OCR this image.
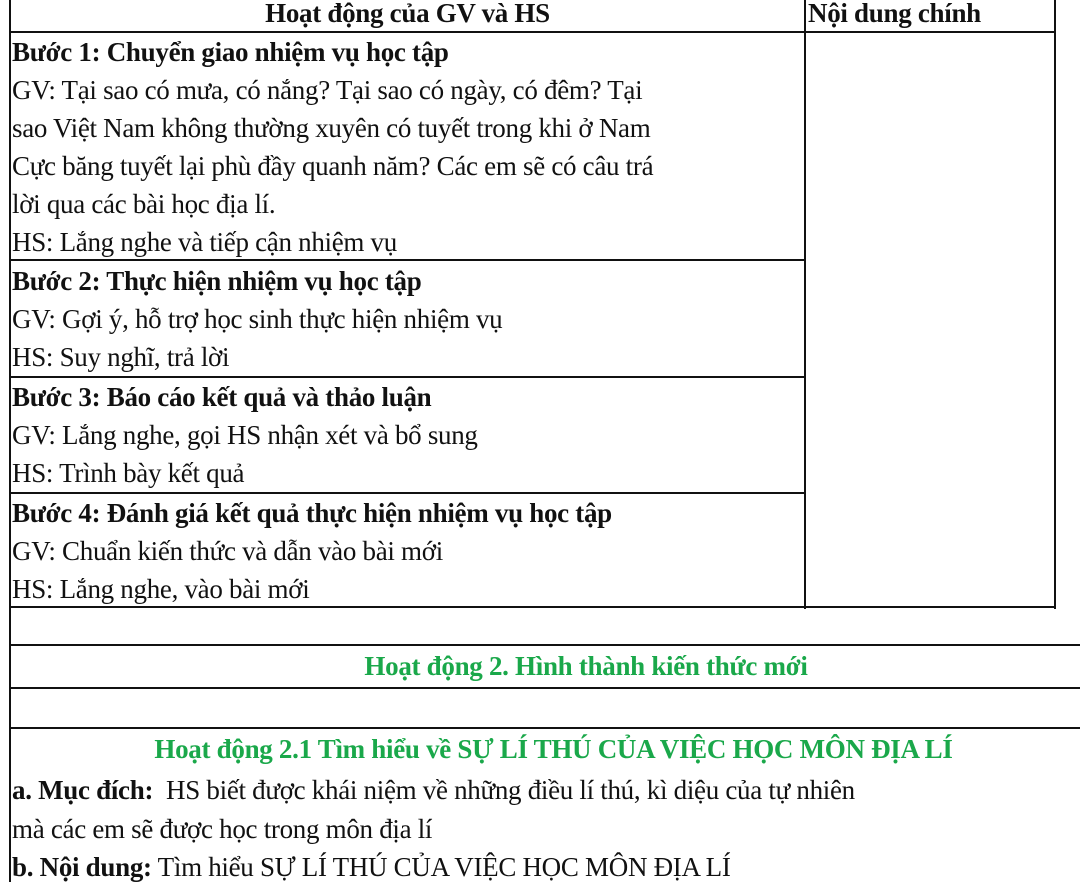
Hoạt động của GV và HS	Nội dung chính
Bước 1: Chuyển giao nhiệm vụ học tập
GV: Tại sao có mưa, có nắng? Tại sao có ngày, có đêm? Tại
sao Việt Nam không thường xuyên có tuyết trong khi ở Nam
Cực băng tuyết lại phù đầy quanh năm? Các em sẽ có câu trá
lời qua các bài học địa lí.
HS: Lắng nghe và tiếp cận nhiệm vụ
Bước 2: Thực hiện nhiệm vụ học tập
GV: Gợi ý, hỗ trợ học sinh thực hiện nhiệm vụ
HS: Suy nghĩ, trả lời
Bước 3: Báo cáo kết quả và thảo luận
GV: Lắng nghe, gọi HS nhận xét và bổ sung
HS: Trình bày kết quả
Bước 4: Đánh giá kết quả thực hiện nhiệm vụ học tập
GV: Chuẩn kiến thức và dẫn vào bài mới
HS: Lắng nghe, vào bài mới
Hoạt động 2. Hình thành kiến thức mới
Hoạt động 2.1 Tìm hiểu về SỰ LÍ THÚ CỦA VIỆC HỌC MÔN ĐỊA LÍ
a. Mục đích:  HS biết được khái niệm về những điều lí thú, kì diệu của tự nhiên
mà các em sẽ được học trong môn địa lí
b. Nội dung: Tìm hiểu SỰ LÍ THÚ CỦA VIỆC HỌC MÔN ĐỊA LÍ
